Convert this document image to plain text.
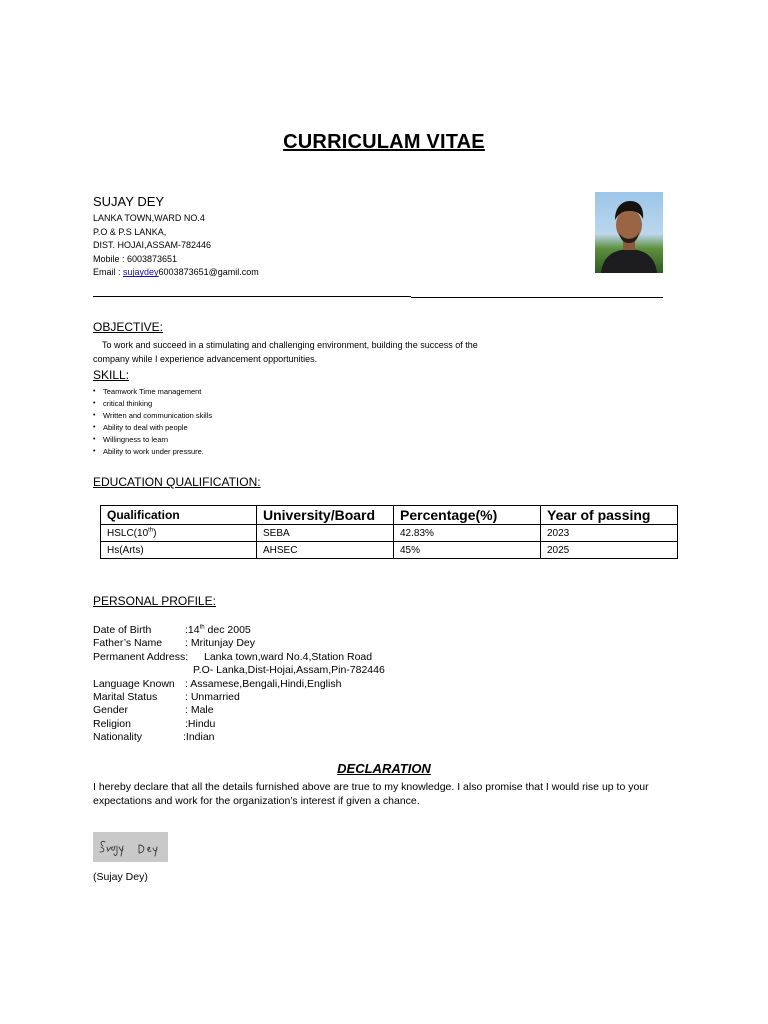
CURRICULAM VITAE
SUJAY DEY
LANKA TOWN,WARD NO.4
P.O & P.S LANKA,
DIST. HOJAI,ASSAM-782446
Mobile : 6003873651
Email : sujaydey6003873651@gamil.com
OBJECTIVE:
To work and succeed in a stimulating and challenging environment, building the success of the
company while I experience advancement opportunities.
SKILL:
• Teamwork Time management
• critical thinking
• Written and communication skills
• Ability to deal with people
• Willingness to learn
• Ability to work under pressure.
EDUCATION QUALIFICATION:
Qualification	University/Board	Percentage(%)	Year of passing
HSLC(10th)	SEBA	42.83%	2023
Hs(Arts)	AHSEC	45%	2025
PERSONAL PROFILE:
Date of Birth	:14th dec 2005
Father’s Name : Mritunjay Dey
Permanent Address: Lanka town,ward No.4,Station Road
P.O- Lanka,Dist-Hojai,Assam,Pin-782446
Language Known : Assamese,Bengali,Hindi,English
Marital Status	: Unmarried
Gender	: Male
Religion	:Hindu
Nationality	:Indian
DECLARATION
I hereby declare that all the details furnished above are true to my knowledge. I also promise that I would rise up to your
expectations and work for the organization’s interest if given a chance.
(Sujay Dey)
